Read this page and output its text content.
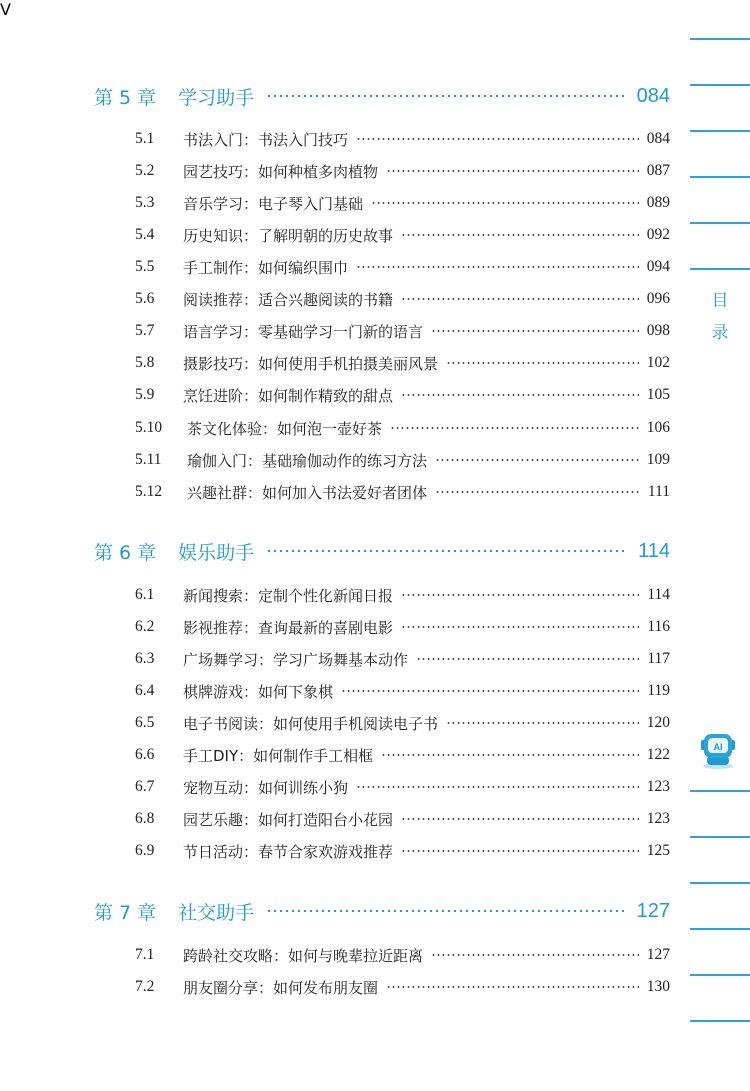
第 5 章 学习助手	084
5.1	书法入门：书法入门技巧	084
5.2	园艺技巧：如何种植多肉植物	087
5.3	音乐学习：电子琴入门基础	089
5.4	历史知识：了解明朝的历史故事	092
5.5	手工制作：如何编织围巾	094
5.6	阅读推荐：适合兴趣阅读的书籍	096
5.7	语言学习：零基础学习一门新的语言	098
5.8	摄影技巧：如何使用手机拍摄美丽风景	102
5.9	烹饪进阶：如何制作精致的甜点	105
5.10	茶文化体验：如何泡一壶好茶	106
5.11	瑜伽入门：基础瑜伽动作的练习方法	109
5.12	兴趣社群：如何加入书法爱好者团体	111
第 6 章 娱乐助手	114
6.1	新闻搜索：定制个性化新闻日报	114
6.2	影视推荐：查询最新的喜剧电影	116
6.3	广场舞学习：学习广场舞基本动作	117
6.4	棋牌游戏：如何下象棋	119
6.5	电子书阅读：如何使用手机阅读电子书	120
6.6	手工DIY：如何制作手工相框	122
6.7	宠物互动：如何训练小狗	123
6.8	园艺乐趣：如何打造阳台小花园	123
6.9	节日活动：春节合家欢游戏推荐	125
第 7 章 社交助手	127
7.1	跨龄社交攻略：如何与晚辈拉近距离	127
7.2	朋友圈分享：如何发布朋友圈	130
目
录
AI
V
